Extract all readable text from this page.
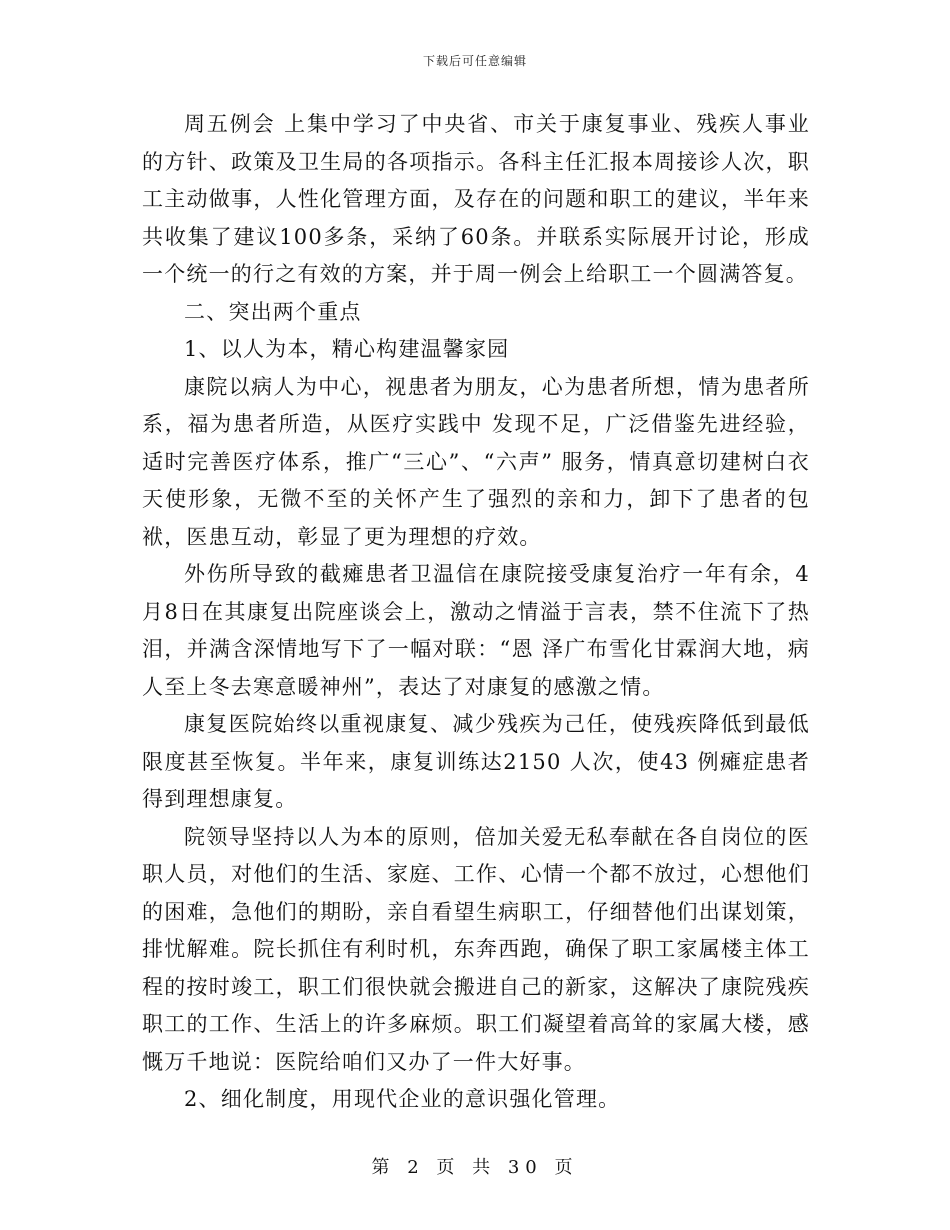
下载后可任意编辑

周五例会 上集中学习了中央省、市关于康复事业、残疾人事业的方针、政策及卫生局的各项指示。各科主任汇报本周接诊人次，职工主动做事，人性化管理方面，及存在的问题和职工的建议，半年来共收集了建议100多条，采纳了60条。并联系实际展开讨论，形成一个统一的行之有效的方案，并于周一例会上给职工一个圆满答复。

二、突出两个重点

1、以人为本，精心构建温馨家园

康院以病人为中心，视患者为朋友，心为患者所想，情为患者所系，福为患者所造，从医疗实践中 发现不足，广泛借鉴先进经验，适时完善医疗体系，推广“三心”、“六声” 服务，情真意切建树白衣天使形象，无微不至的关怀产生了强烈的亲和力，卸下了患者的包袱，医患互动，彰显了更为理想的疗效。

外伤所导致的截瘫患者卫温信在康院接受康复治疗一年有余，4月8日在其康复出院座谈会上，激动之情溢于言表，禁不住流下了热泪，并满含深情地写下了一幅对联：“恩 泽广布雪化甘霖润大地，病人至上冬去寒意暖神州”，表达了对康复的感激之情。

康复医院始终以重视康复、减少残疾为己任，使残疾降低到最低限度甚至恢复。半年来，康复训练达2150 人次，使43 例瘫症患者得到理想康复。

院领导坚持以人为本的原则，倍加关爱无私奉献在各自岗位的医职人员，对他们的生活、家庭、工作、心情一个都不放过，心想他们的困难，急他们的期盼，亲自看望生病职工，仔细替他们出谋划策，排忧解难。院长抓住有利时机，东奔西跑，确保了职工家属楼主体工程的按时竣工，职工们很快就会搬进自己的新家，这解决了康院残疾职工的工作、生活上的许多麻烦。职工们凝望着高耸的家属大楼，感慨万千地说：医院给咱们又办了一件大好事。

2、细化制度，用现代企业的意识强化管理。

第 2 页 共 30 页
